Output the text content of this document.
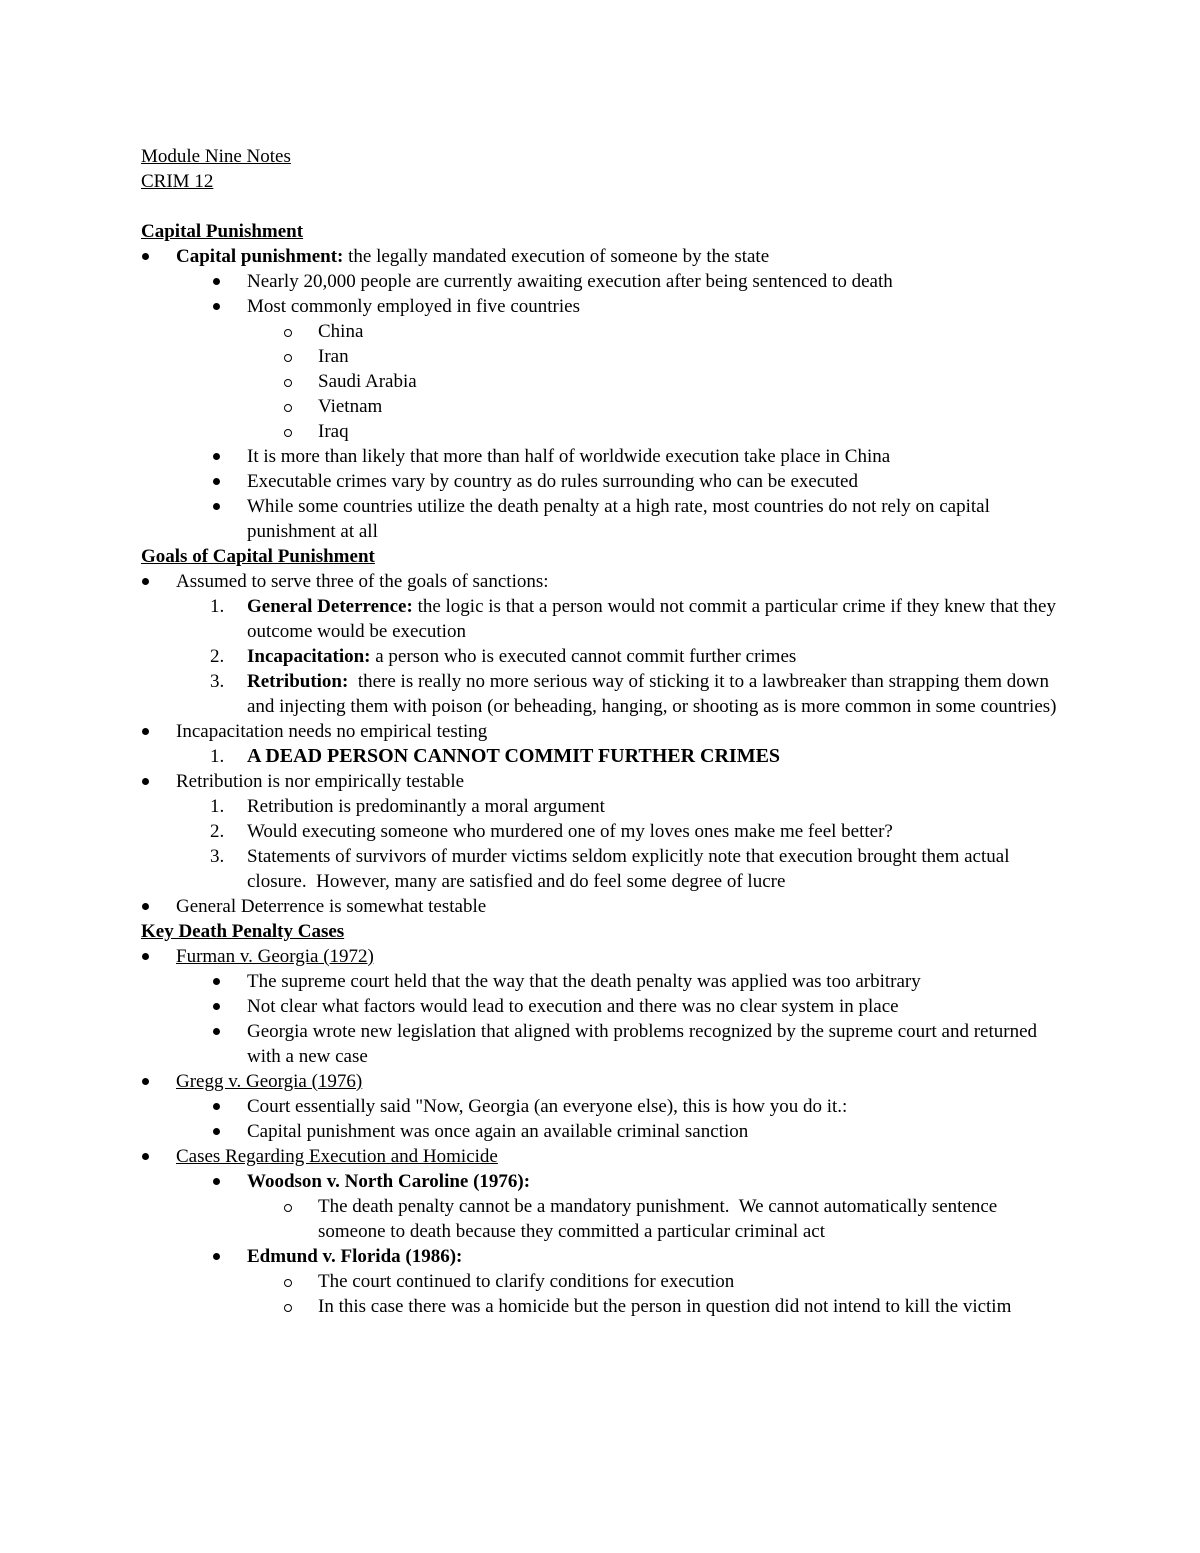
Module Nine Notes
CRIM 12
Capital Punishment
Capital punishment: the legally mandated execution of someone by the state
Nearly 20,000 people are currently awaiting execution after being sentenced to death
Most commonly employed in five countries
China
Iran
Saudi Arabia
Vietnam
Iraq
It is more than likely that more than half of worldwide execution take place in China
Executable crimes vary by country as do rules surrounding who can be executed
While some countries utilize the death penalty at a high rate, most countries do not rely on capital punishment at all
Goals of Capital Punishment
Assumed to serve three of the goals of sanctions:
1. General Deterrence: the logic is that a person would not commit a particular crime if they knew that they outcome would be execution
2. Incapacitation: a person who is executed cannot commit further crimes
3. Retribution:  there is really no more serious way of sticking it to a lawbreaker than strapping them down and injecting them with poison (or beheading, hanging, or shooting as is more common in some countries)
Incapacitation needs no empirical testing
1. A DEAD PERSON CANNOT COMMIT FURTHER CRIMES
Retribution is nor empirically testable
1. Retribution is predominantly a moral argument
2. Would executing someone who murdered one of my loves ones make me feel better?
3. Statements of survivors of murder victims seldom explicitly note that execution brought them actual closure.  However, many are satisfied and do feel some degree of lucre
General Deterrence is somewhat testable
Key Death Penalty Cases
Furman v. Georgia (1972)
The supreme court held that the way that the death penalty was applied was too arbitrary
Not clear what factors would lead to execution and there was no clear system in place
Georgia wrote new legislation that aligned with problems recognized by the supreme court and returned with a new case
Gregg v. Georgia (1976)
Court essentially said "Now, Georgia (an everyone else), this is how you do it.:
Capital punishment was once again an available criminal sanction
Cases Regarding Execution and Homicide
Woodson v. North Caroline (1976):
The death penalty cannot be a mandatory punishment.  We cannot automatically sentence someone to death because they committed a particular criminal act
Edmund v. Florida (1986):
The court continued to clarify conditions for execution
In this case there was a homicide but the person in question did not intend to kill the victim
